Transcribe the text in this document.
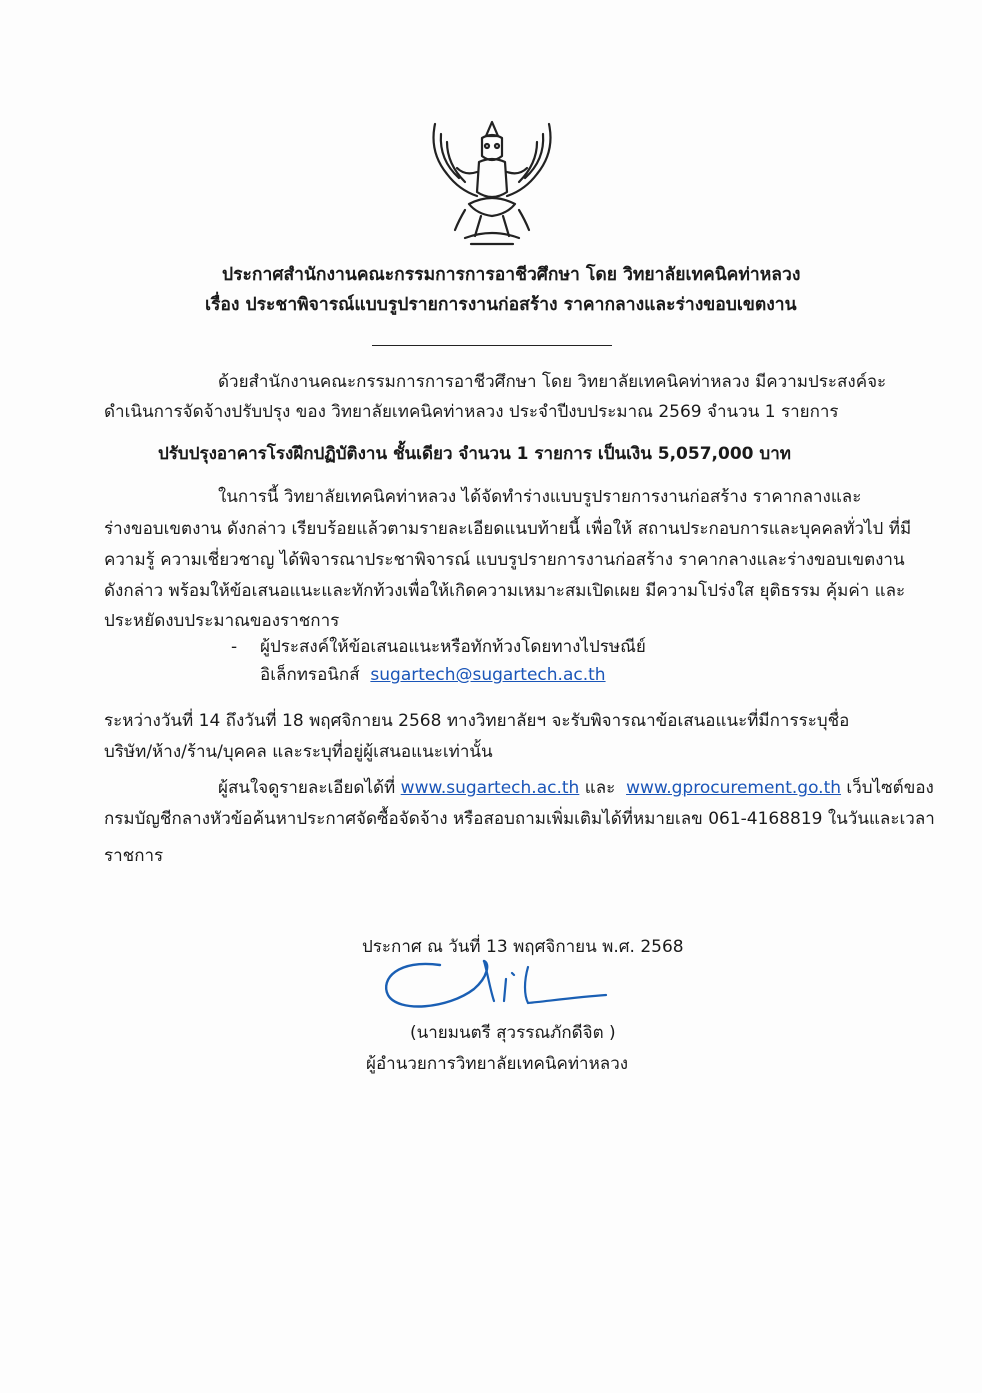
ประกาศสำนักงานคณะกรรมการการอาชีวศึกษา โดย วิทยาลัยเทคนิคท่าหลวง
เรื่อง ประชาพิจารณ์แบบรูปรายการงานก่อสร้าง ราคากลางและร่างขอบเขตงาน
ด้วยสำนักงานคณะกรรมการการอาชีวศึกษา โดย วิทยาลัยเทคนิคท่าหลวง มีความประสงค์จะ
ดำเนินการจัดจ้างปรับปรุง ของ วิทยาลัยเทคนิคท่าหลวง ประจำปีงบประมาณ 2569 จำนวน 1 รายการ
ปรับปรุงอาคารโรงฝึกปฏิบัติงาน ชั้นเดียว จำนวน 1 รายการ เป็นเงิน 5,057,000 บาท
ในการนี้ วิทยาลัยเทคนิคท่าหลวง ได้จัดทำร่างแบบรูปรายการงานก่อสร้าง ราคากลางและ
ร่างขอบเขตงาน ดังกล่าว เรียบร้อยแล้วตามรายละเอียดแนบท้ายนี้ เพื่อให้ สถานประกอบการและบุคคลทั่วไป ที่มี
ความรู้ ความเชี่ยวชาญ ได้พิจารณาประชาพิจารณ์ แบบรูปรายการงานก่อสร้าง ราคากลางและร่างขอบเขตงาน
ดังกล่าว พร้อมให้ข้อเสนอแนะและทักท้วงเพื่อให้เกิดความเหมาะสมเปิดเผย มีความโปร่งใส ยุติธรรม คุ้มค่า และ
ประหยัดงบประมาณของราชการ
- ผู้ประสงค์ให้ข้อเสนอแนะหรือทักท้วงโดยทางไปรษณีย์
อิเล็กทรอนิกส์ sugartech@sugartech.ac.th
ระหว่างวันที่ 14 ถึงวันที่ 18 พฤศจิกายน 2568 ทางวิทยาลัยฯ จะรับพิจารณาข้อเสนอแนะที่มีการระบุชื่อ
บริษัท/ห้าง/ร้าน/บุคคล และระบุที่อยู่ผู้เสนอแนะเท่านั้น
ผู้สนใจดูรายละเอียดได้ที่ www.sugartech.ac.th และ www.gprocurement.go.th เว็บไซต์ของ
กรมบัญชีกลางหัวข้อค้นหาประกาศจัดซื้อจัดจ้าง หรือสอบถามเพิ่มเติมได้ที่หมายเลข 061-4168819 ในวันและเวลา
ราชการ
ประกาศ ณ วันที่ 13 พฤศจิกายน พ.ศ. 2568
(นายมนตรี สุวรรณภักดีจิต )
ผู้อำนวยการวิทยาลัยเทคนิคท่าหลวง
